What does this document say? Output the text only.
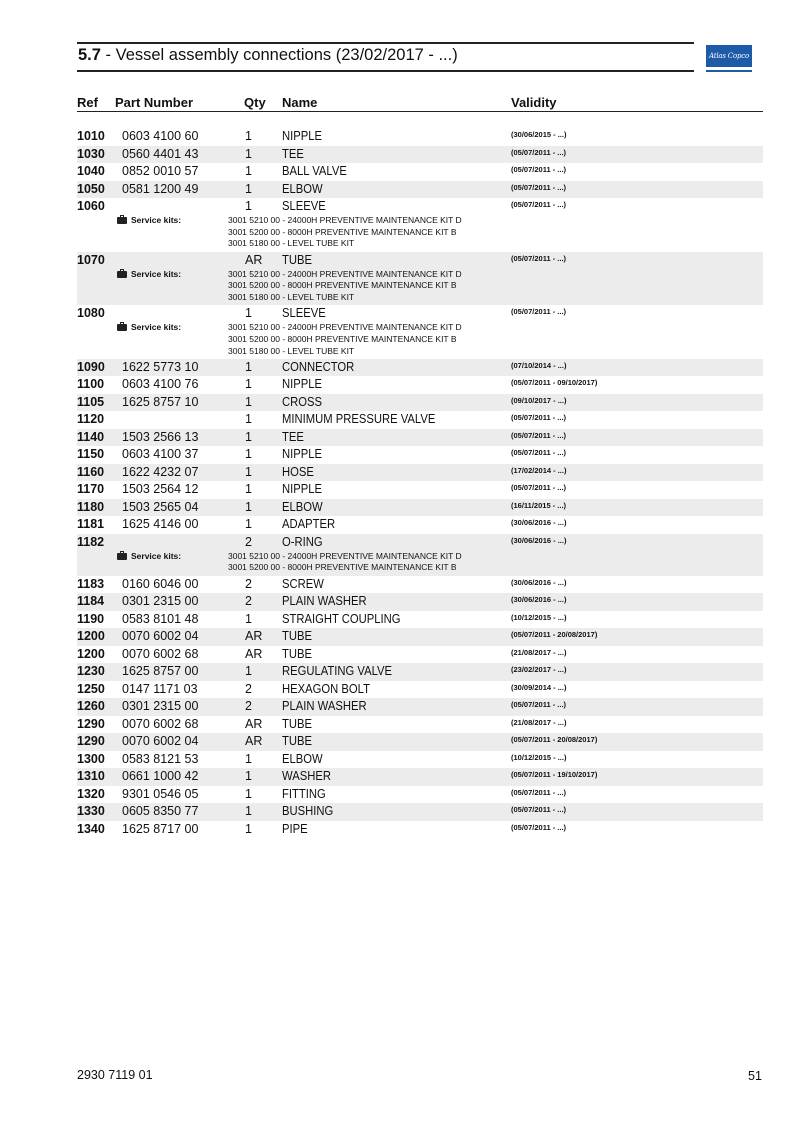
5.7 - Vessel assembly connections (23/02/2017 - ...)	Atlas Copco
Ref Part Number	Qty Name	Validity
1010 0603 4100 60	1 NIPPLE	(30/06/2015 - ...)
1030 0560 4401 43	1 TEE	(05/07/2011 - ...)
1040 0852 0010 57	1 BALL VALVE	(05/07/2011 - ...)
1050 0581 1200 49	1 ELBOW	(05/07/2011 - ...)
1060	1 SLEEVE	(05/07/2011 - ...)
Service kits:	3001 5210 00 - 24000H PREVENTIVE MAINTENANCE KIT D
3001 5200 00 - 8000H PREVENTIVE MAINTENANCE KIT B
3001 5180 00 - LEVEL TUBE KIT
1070	AR TUBE	(05/07/2011 - ...)
Service kits:	3001 5210 00 - 24000H PREVENTIVE MAINTENANCE KIT D
3001 5200 00 - 8000H PREVENTIVE MAINTENANCE KIT B
3001 5180 00 - LEVEL TUBE KIT
1080	1 SLEEVE	(05/07/2011 - ...)
Service kits:	3001 5210 00 - 24000H PREVENTIVE MAINTENANCE KIT D
3001 5200 00 - 8000H PREVENTIVE MAINTENANCE KIT B
3001 5180 00 - LEVEL TUBE KIT
1090 1622 5773 10	1 CONNECTOR	(07/10/2014 - ...)
1100 0603 4100 76	1 NIPPLE	(05/07/2011 - 09/10/2017)
1105 1625 8757 10	1 CROSS	(09/10/2017 - ...)
1120	1 MINIMUM PRESSURE VALVE	(05/07/2011 - ...)
1140 1503 2566 13	1 TEE	(05/07/2011 - ...)
1150 0603 4100 37	1 NIPPLE	(05/07/2011 - ...)
1160 1622 4232 07	1 HOSE	(17/02/2014 - ...)
1170 1503 2564 12	1 NIPPLE	(05/07/2011 - ...)
1180 1503 2565 04	1 ELBOW	(16/11/2015 - ...)
1181 1625 4146 00	1 ADAPTER	(30/06/2016 - ...)
1182	2 O-RING	(30/06/2016 - ...)
Service kits:	3001 5210 00 - 24000H PREVENTIVE MAINTENANCE KIT D
3001 5200 00 - 8000H PREVENTIVE MAINTENANCE KIT B
1183 0160 6046 00	2 SCREW	(30/06/2016 - ...)
1184 0301 2315 00	2 PLAIN WASHER	(30/06/2016 - ...)
1190 0583 8101 48	1 STRAIGHT COUPLING	(10/12/2015 - ...)
1200 0070 6002 04	AR TUBE	(05/07/2011 - 20/08/2017)
1200 0070 6002 68	AR TUBE	(21/08/2017 - ...)
1230 1625 8757 00	1 REGULATING VALVE	(23/02/2017 - ...)
1250 0147 1171 03	2 HEXAGON BOLT	(30/09/2014 - ...)
1260 0301 2315 00	2 PLAIN WASHER	(05/07/2011 - ...)
1290 0070 6002 68	AR TUBE	(21/08/2017 - ...)
1290 0070 6002 04	AR TUBE	(05/07/2011 - 20/08/2017)
1300 0583 8121 53	1 ELBOW	(10/12/2015 - ...)
1310 0661 1000 42	1 WASHER	(05/07/2011 - 19/10/2017)
1320 9301 0546 05	1 FITTING	(05/07/2011 - ...)
1330 0605 8350 77	1 BUSHING	(05/07/2011 - ...)
1340 1625 8717 00	1 PIPE	(05/07/2011 - ...)
2930 7119 01	51
